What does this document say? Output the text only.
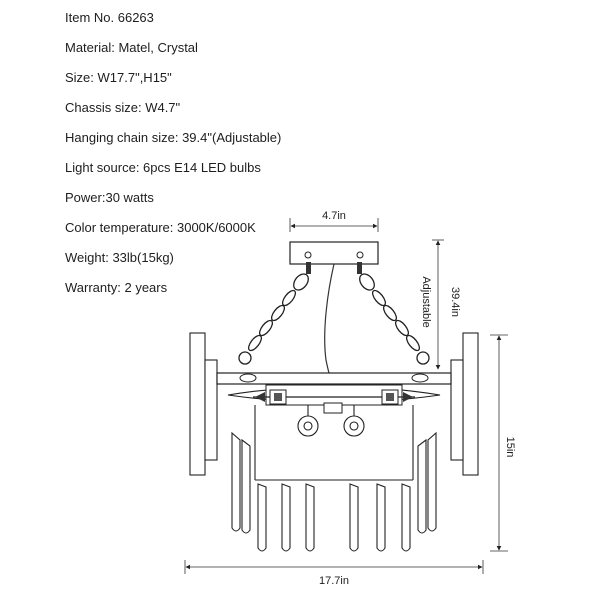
Item No. 66263
Material: Matel, Crystal
Size: W17.7",H15"
Chassis size: W4.7"
Hanging chain size: 39.4"(Adjustable)
Light source: 6pcs E14 LED bulbs
Power:30 watts
Color temperature: 3000K/6000K
Weight: 33lb(15kg)
Warranty: 2 years
4.7in
Adjustable 39.4in
15in
17.7in
